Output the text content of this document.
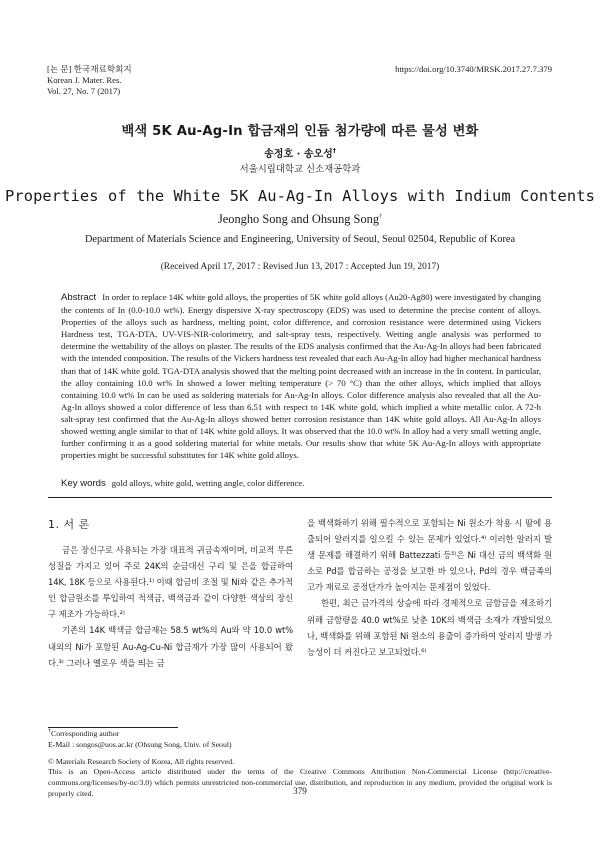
[논 문] 한국재료학회지
Korean J. Mater. Res.
Vol. 27, No. 7 (2017)
https://doi.org/10.3740/MRSK.2017.27.7.379
백색 5K Au-Ag-In 합금재의 인듐 첨가량에 따른 물성 변화
송정호 · 송오성†
서울시립대학교 신소재공학과
Properties of the White 5K Au-Ag-In Alloys with Indium Contents
Jeongho Song and Ohsung Song†
Department of Materials Science and Engineering, University of Seoul, Seoul 02504, Republic of Korea
(Received April 17, 2017 : Revised Jun 13, 2017 : Accepted Jun 19, 2017)
Abstract In order to replace 14K white gold alloys, the properties of 5K white gold alloys (Au20-Ag80) were investigated by changing the contents of In (0.0-10.0 wt%). Energy dispersive X-ray spectroscopy (EDS) was used to determine the precise content of alloys. Properties of the alloys such as hardness, melting point, color difference, and corrosion resistance were determined using Vickers Hardness test, TGA-DTA, UV-VIS-NIR-colorimetry, and salt-spray tests, respectively. Wetting angle analysis was performed to determine the wettability of the alloys on plaster. The results of the EDS analysis confirmed that the Au-Ag-In alloys had been fabricated with the intended composition. The results of the Vickers hardness test revealed that each Au-Ag-In alloy had higher mechanical hardness than that of 14K white gold. TGA-DTA analysis showed that the melting point decreased with an increase in the In content. In particular, the alloy containing 10.0 wt% In showed a lower melting temperature (> 70 °C) than the other alloys, which implied that alloys containing 10.0 wt% In can be used as soldering materials for Au-Ag-In alloys. Color difference analysis also revealed that all the Au-Ag-In alloys showed a color difference of less than 6.51 with respect to 14K white gold, which implied a white metallic color. A 72-h salt-spray test confirmed that the Au-Ag-In alloys showed better corrosion resistance than 14K white gold alloys. All Au-Ag-In alloys showed wetting angle similar to that of 14K white gold alloys. It was observed that the 10.0 wt% In alloy had a very small wetting angle, further confirming it as a good soldering material for white metals. Our results show that white 5K Au-Ag-In alloys with appropriate properties might be successful substitutes for 14K white gold alloys.
Key words gold alloys, white gold, wetting angle, color difference.
1. 서 론

금은 장신구로 사용되는 가장 대표적 귀금속재이며, 비교적 무른 성질을 가지고 있어 주로 24K의 순금대신 구리 및 은을 합금하여 14K, 18K 등으로 사용된다.¹⁾ 이때 합금비 조절 및 Ni와 같은 추가적인 합금원소를 투입하여 적색금, 백색금과 같이 다양한 색상의 장신구 제조가 가능하다.²⁾

기존의 14K 백색금 합금재는 58.5 wt%의 Au와 약 10.0 wt% 내외의 Ni가 포함된 Au-Ag-Cu-Ni 합금재가 가장 많이 사용되어 왔다.³⁾ 그러나 옐로우 색을 띄는 금

을 백색화하기 위해 필수적으로 포함되는 Ni 원소가 착용 시 땀에 용출되어 알러지를 일으킬 수 있는 문제가 있었다.⁴⁾ 이러한 알러지 발생 문제를 해결하기 위해 Battezzati 등⁵⁾은 Ni 대신 금의 백색화 원소로 Pd를 합금하는 공정을 보고한 바 있으나, Pd의 경우 백금족의 고가 재료로 공정단가가 높아지는 문제점이 있었다.

한편, 최근 금가격의 상승에 따라 경제적으로 금함금을 제조하기 위해 금함량을 40.0 wt%로 낮춘 10K의 백색금 소재가 개발되었으나, 백색화를 위해 포함된 Ni 원소의 용출이 증가하여 알러지 발생 가능성이 더 커진다고 보고되었다.⁶⁾

†Corresponding author
E-Mail : songos@uos.ac.kr (Ohsung Song, Univ. of Seoul)
© Materials Research Society of Korea, All rights reserved.
This is an Open-Access article distributed under the terms of the Creative Commons Attribution Non-Commercial License (http://creative-commons.org/licenses/by-nc/3.0) which permits unrestricted non-commercial use, distribution, and reproduction in any medium, provided the original work is properly cited.	379
